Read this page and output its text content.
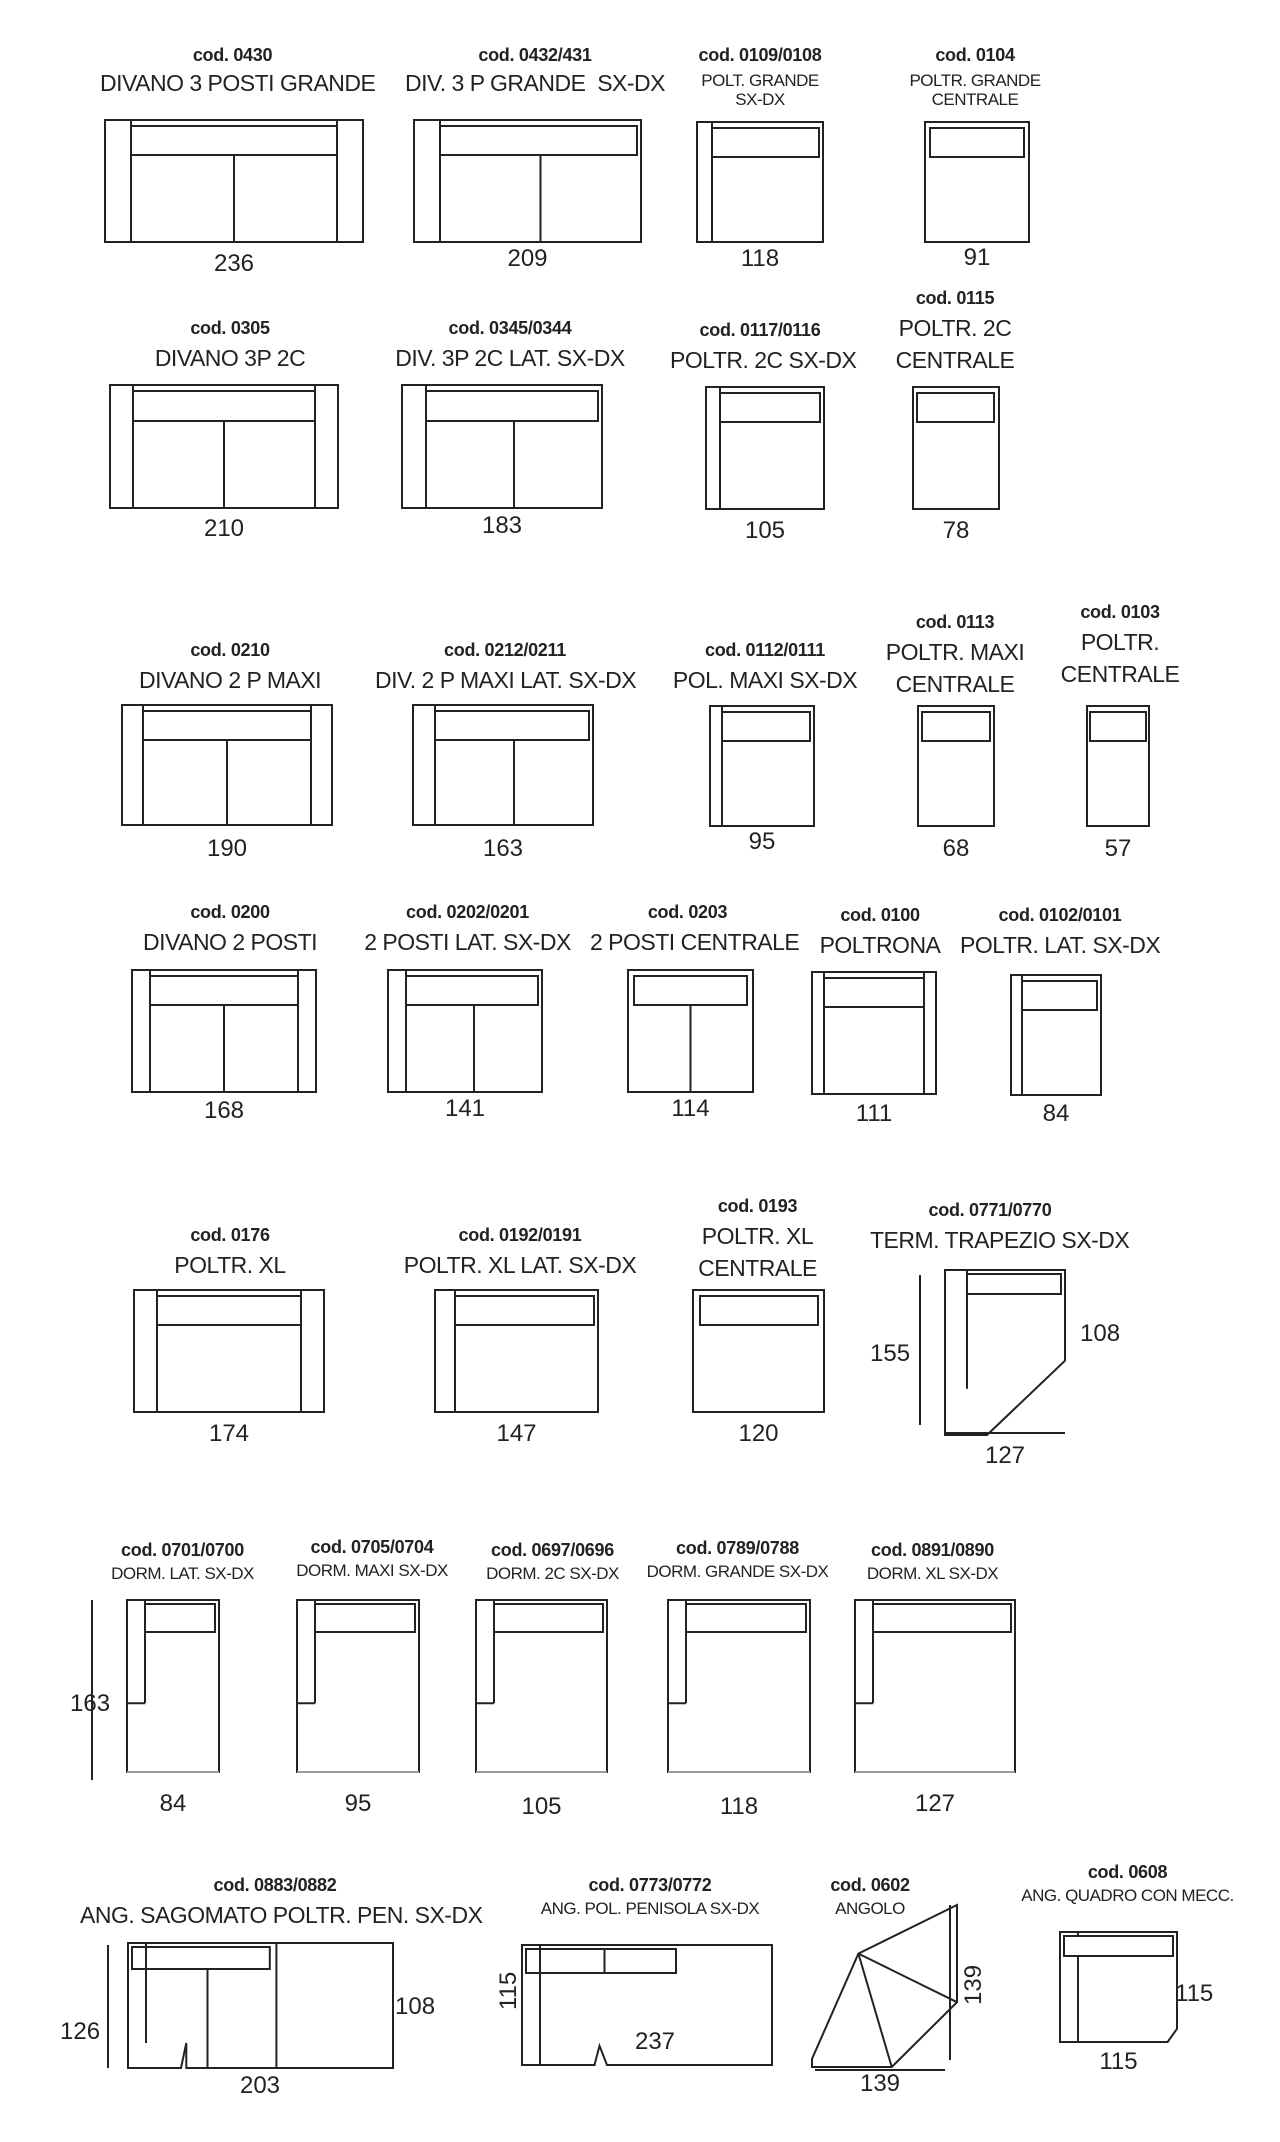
cod. 0430
DIVANO 3 POSTI GRANDE
236
cod. 0432/431
DIV. 3 P GRANDE  SX-DX
209
cod. 0109/0108
POLT. GRANDE
SX-DX
118
cod. 0104
POLTR. GRANDE
CENTRALE
91
cod. 0305
DIVANO 3P 2C
210
cod. 0345/0344
DIV. 3P 2C LAT. SX-DX
183
cod. 0117/0116
POLTR. 2C SX-DX
105
cod. 0115
POLTR. 2C
CENTRALE
78
cod. 0210
DIVANO 2 P MAXI
190
cod. 0212/0211
DIV. 2 P MAXI LAT. SX-DX
163
cod. 0112/0111
POL. MAXI SX-DX
95
cod. 0113
POLTR. MAXI
CENTRALE
68
cod. 0103
POLTR.
CENTRALE
57
cod. 0200
DIVANO 2 POSTI
168
cod. 0202/0201
2 POSTI LAT. SX-DX
141
cod. 0203
2 POSTI CENTRALE
114
cod. 0100
POLTRONA
111
cod. 0102/0101
POLTR. LAT. SX-DX
84
cod. 0176
POLTR. XL
174
cod. 0192/0191
POLTR. XL LAT. SX-DX
147
cod. 0193
POLTR. XL
CENTRALE
120
cod. 0771/0770
TERM. TRAPEZIO SX-DX
127
155
108
cod. 0701/0700
DORM. LAT. SX-DX
84
163
cod. 0705/0704
DORM. MAXI SX-DX
95
cod. 0697/0696
DORM. 2C SX-DX
105
cod. 0789/0788
DORM. GRANDE SX-DX
118
cod. 0891/0890
DORM. XL SX-DX
127
cod. 0883/0882
ANG. SAGOMATO POLTR. PEN. SX-DX
203
126
108
cod. 0773/0772
ANG. POL. PENISOLA SX-DX
237
115
cod. 0602
ANGOLO
139
139
cod. 0608
ANG. QUADRO CON MECC.
115
115
